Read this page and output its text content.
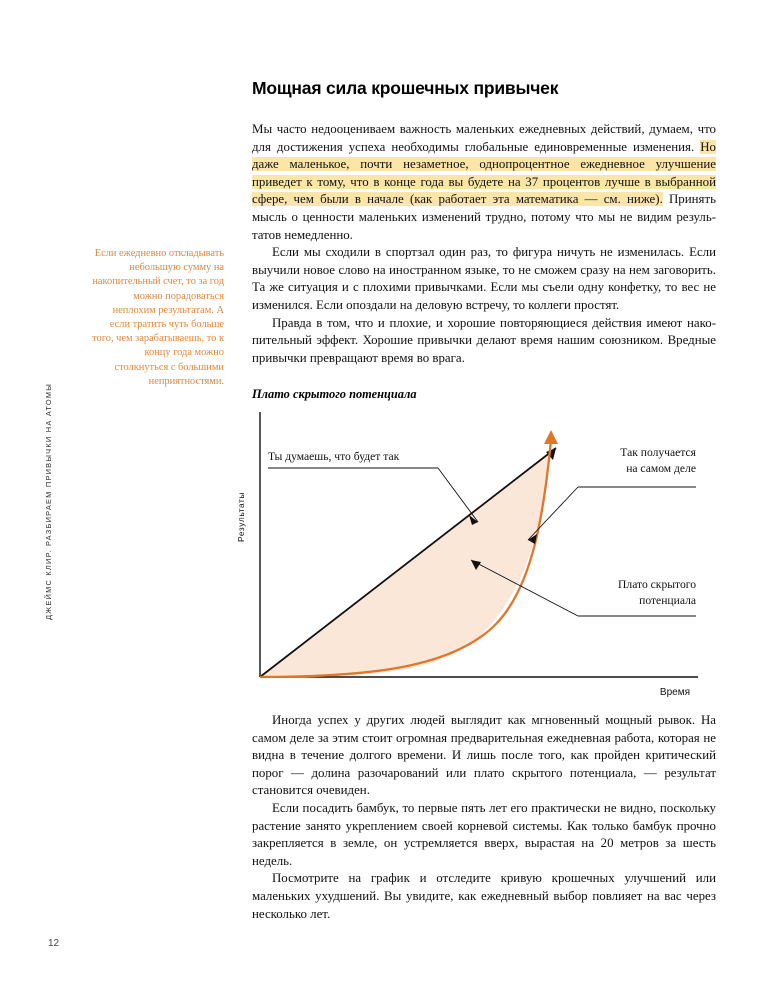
ДЖЕЙМС КЛИР. РАЗБИРАЕМ ПРИВЫЧКИ НА АТОМЫ
12
Если ежедневно откладывать небольшую сумму на накопительный счет, то за год можно порадоваться неплохим результатам. А если тратить чуть больше того, чем зарабатываешь, то к концу года можно столкнуться с большими неприятностями.
Мощная сила крошечных привычек

Мы часто недооцениваем важность маленьких ежедневных действий, думаем, что для достижения успеха необходимы глобальные единовременные изменения. Но даже маленькое, почти незаметное, однопроцентное ежедневное улучшение приведет к тому, что в конце года вы будете на 37 процентов лучше в выбранной сфере, чем были в начале (как работает эта математика — см. ниже). Принять мысль о ценности маленьких изменений трудно, потому что мы не видим результатов немедленно.

Если мы сходили в спортзал один раз, то фигура ничуть не изменилась. Если выучили новое слово на иностранном языке, то не сможем сразу на нем заговорить. Та же ситуация и с плохими привычками. Если мы съели одну конфетку, то вес не изменился. Если опоздали на деловую встречу, то коллеги простят.

Правда в том, что и плохие, и хорошие повторяющиеся действия имеют накопительный эффект. Хорошие привычки делают время нашим союзником. Вредные привычки превращают время во врага.

Плато скрытого потенциала
Результаты
Время
Ты думаешь, что будет так	Так получается
на самом деле
Плато скрытого
потенциала

Иногда успех у других людей выглядит как мгновенный мощный рывок. На самом деле за этим стоит огромная предварительная ежедневная работа, которая не видна в течение долгого времени. И лишь после того, как пройден критический порог — долина разочарований или плато скрытого потенциала, — результат становится очевиден.

Если посадить бамбук, то первые пять лет его практически не видно, поскольку растение занято укреплением своей корневой системы. Как только бамбук прочно закрепляется в земле, он устремляется вверх, вырастая на 20 метров за шесть недель.

Посмотрите на график и отследите кривую крошечных улучшений или маленьких ухудшений. Вы увидите, как ежедневный выбор повлияет на вас через несколько лет.
